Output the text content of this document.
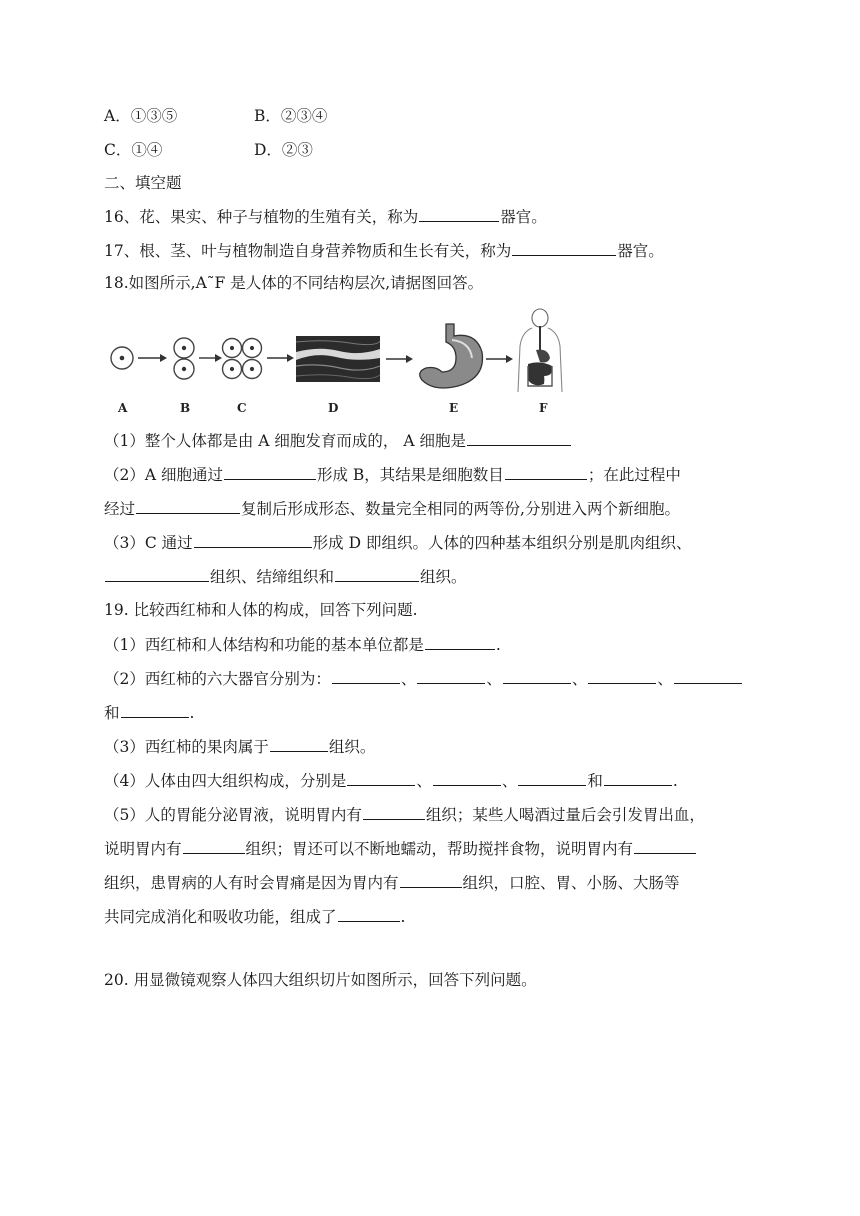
A．①③⑤	B．②③④
C．①④	D．②③
二、填空题
16、花、果实、种子与植物的生殖有关，称为	器官。
17、根、茎、叶与植物制造自身营养物质和生长有关，称为	器官。
18.如图所示,A˜F 是人体的不同结构层次,请据图回答。
A	B	C	D	E	F
（1）整个人体都是由 A 细胞发育而成的， A 细胞是
（2）A 细胞通过	形成 B，其结果是细胞数目	；在此过程中
经过	复制后形成形态、数量完全相同的两等份,分别进入两个新细胞。
（3）C 通过	形成 D 即组织。人体的四种基本组织分别是肌肉组织、
组织、结缔组织和	组织。
19. 比较西红柿和人体的构成，回答下列问题.
（1）西红柿和人体结构和功能的基本单位都是	.
（2）西红柿的六大器官分别为：	、	、	、	、
和	.
（3）西红柿的果肉属于	组织。
（4）人体由四大组织构成，分别是	、	、	和	.
（5）人的胃能分泌胃液，说明胃内有	组织；某些人喝酒过量后会引发胃出血，
说明胃内有	组织；胃还可以不断地蠕动，帮助搅拌食物，说明胃内有
组织，患胃病的人有时会胃痛是因为胃内有	组织，口腔、胃、小肠、大肠等
共同完成消化和吸收功能，组成了	.
20. 用显微镜观察人体四大组织切片如图所示，回答下列问题。
